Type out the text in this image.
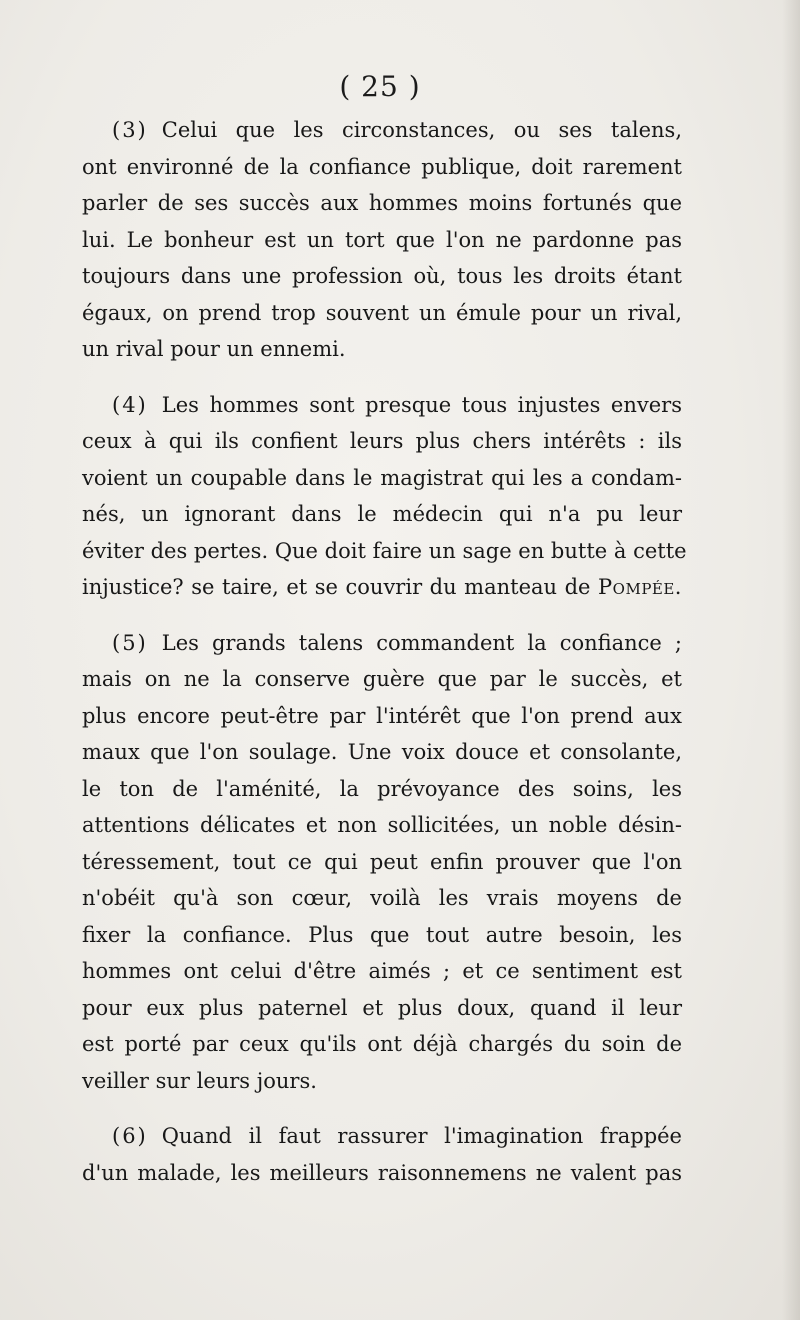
( 25 )
(3) Celui que les circonstances, ou ses talens,
ont environné de la confiance publique, doit rarement
parler de ses succès aux hommes moins fortunés que
lui. Le bonheur est un tort que l'on ne pardonne pas
toujours dans une profession où, tous les droits étant
égaux, on prend trop souvent un émule pour un rival,
un rival pour un ennemi.
(4) Les hommes sont presque tous injustes envers
ceux à qui ils confient leurs plus chers intérêts : ils
voient un coupable dans le magistrat qui les a condam-
nés, un ignorant dans le médecin qui n'a pu leur
éviter des pertes. Que doit faire un sage en butte à cette
injustice? se taire, et se couvrir du manteau de Pompée.
(5) Les grands talens commandent la confiance ;
mais on ne la conserve guère que par le succès, et
plus encore peut-être par l'intérêt que l'on prend aux
maux que l'on soulage. Une voix douce et consolante,
le ton de l'aménité, la prévoyance des soins, les
attentions délicates et non sollicitées, un noble désin-
téressement, tout ce qui peut enfin prouver que l'on
n'obéit qu'à son cœur, voilà les vrais moyens de
fixer la confiance. Plus que tout autre besoin, les
hommes ont celui d'être aimés ; et ce sentiment est
pour eux plus paternel et plus doux, quand il leur
est porté par ceux qu'ils ont déjà chargés du soin de
veiller sur leurs jours.
(6) Quand il faut rassurer l'imagination frappée
d'un malade, les meilleurs raisonnemens ne valent pas
